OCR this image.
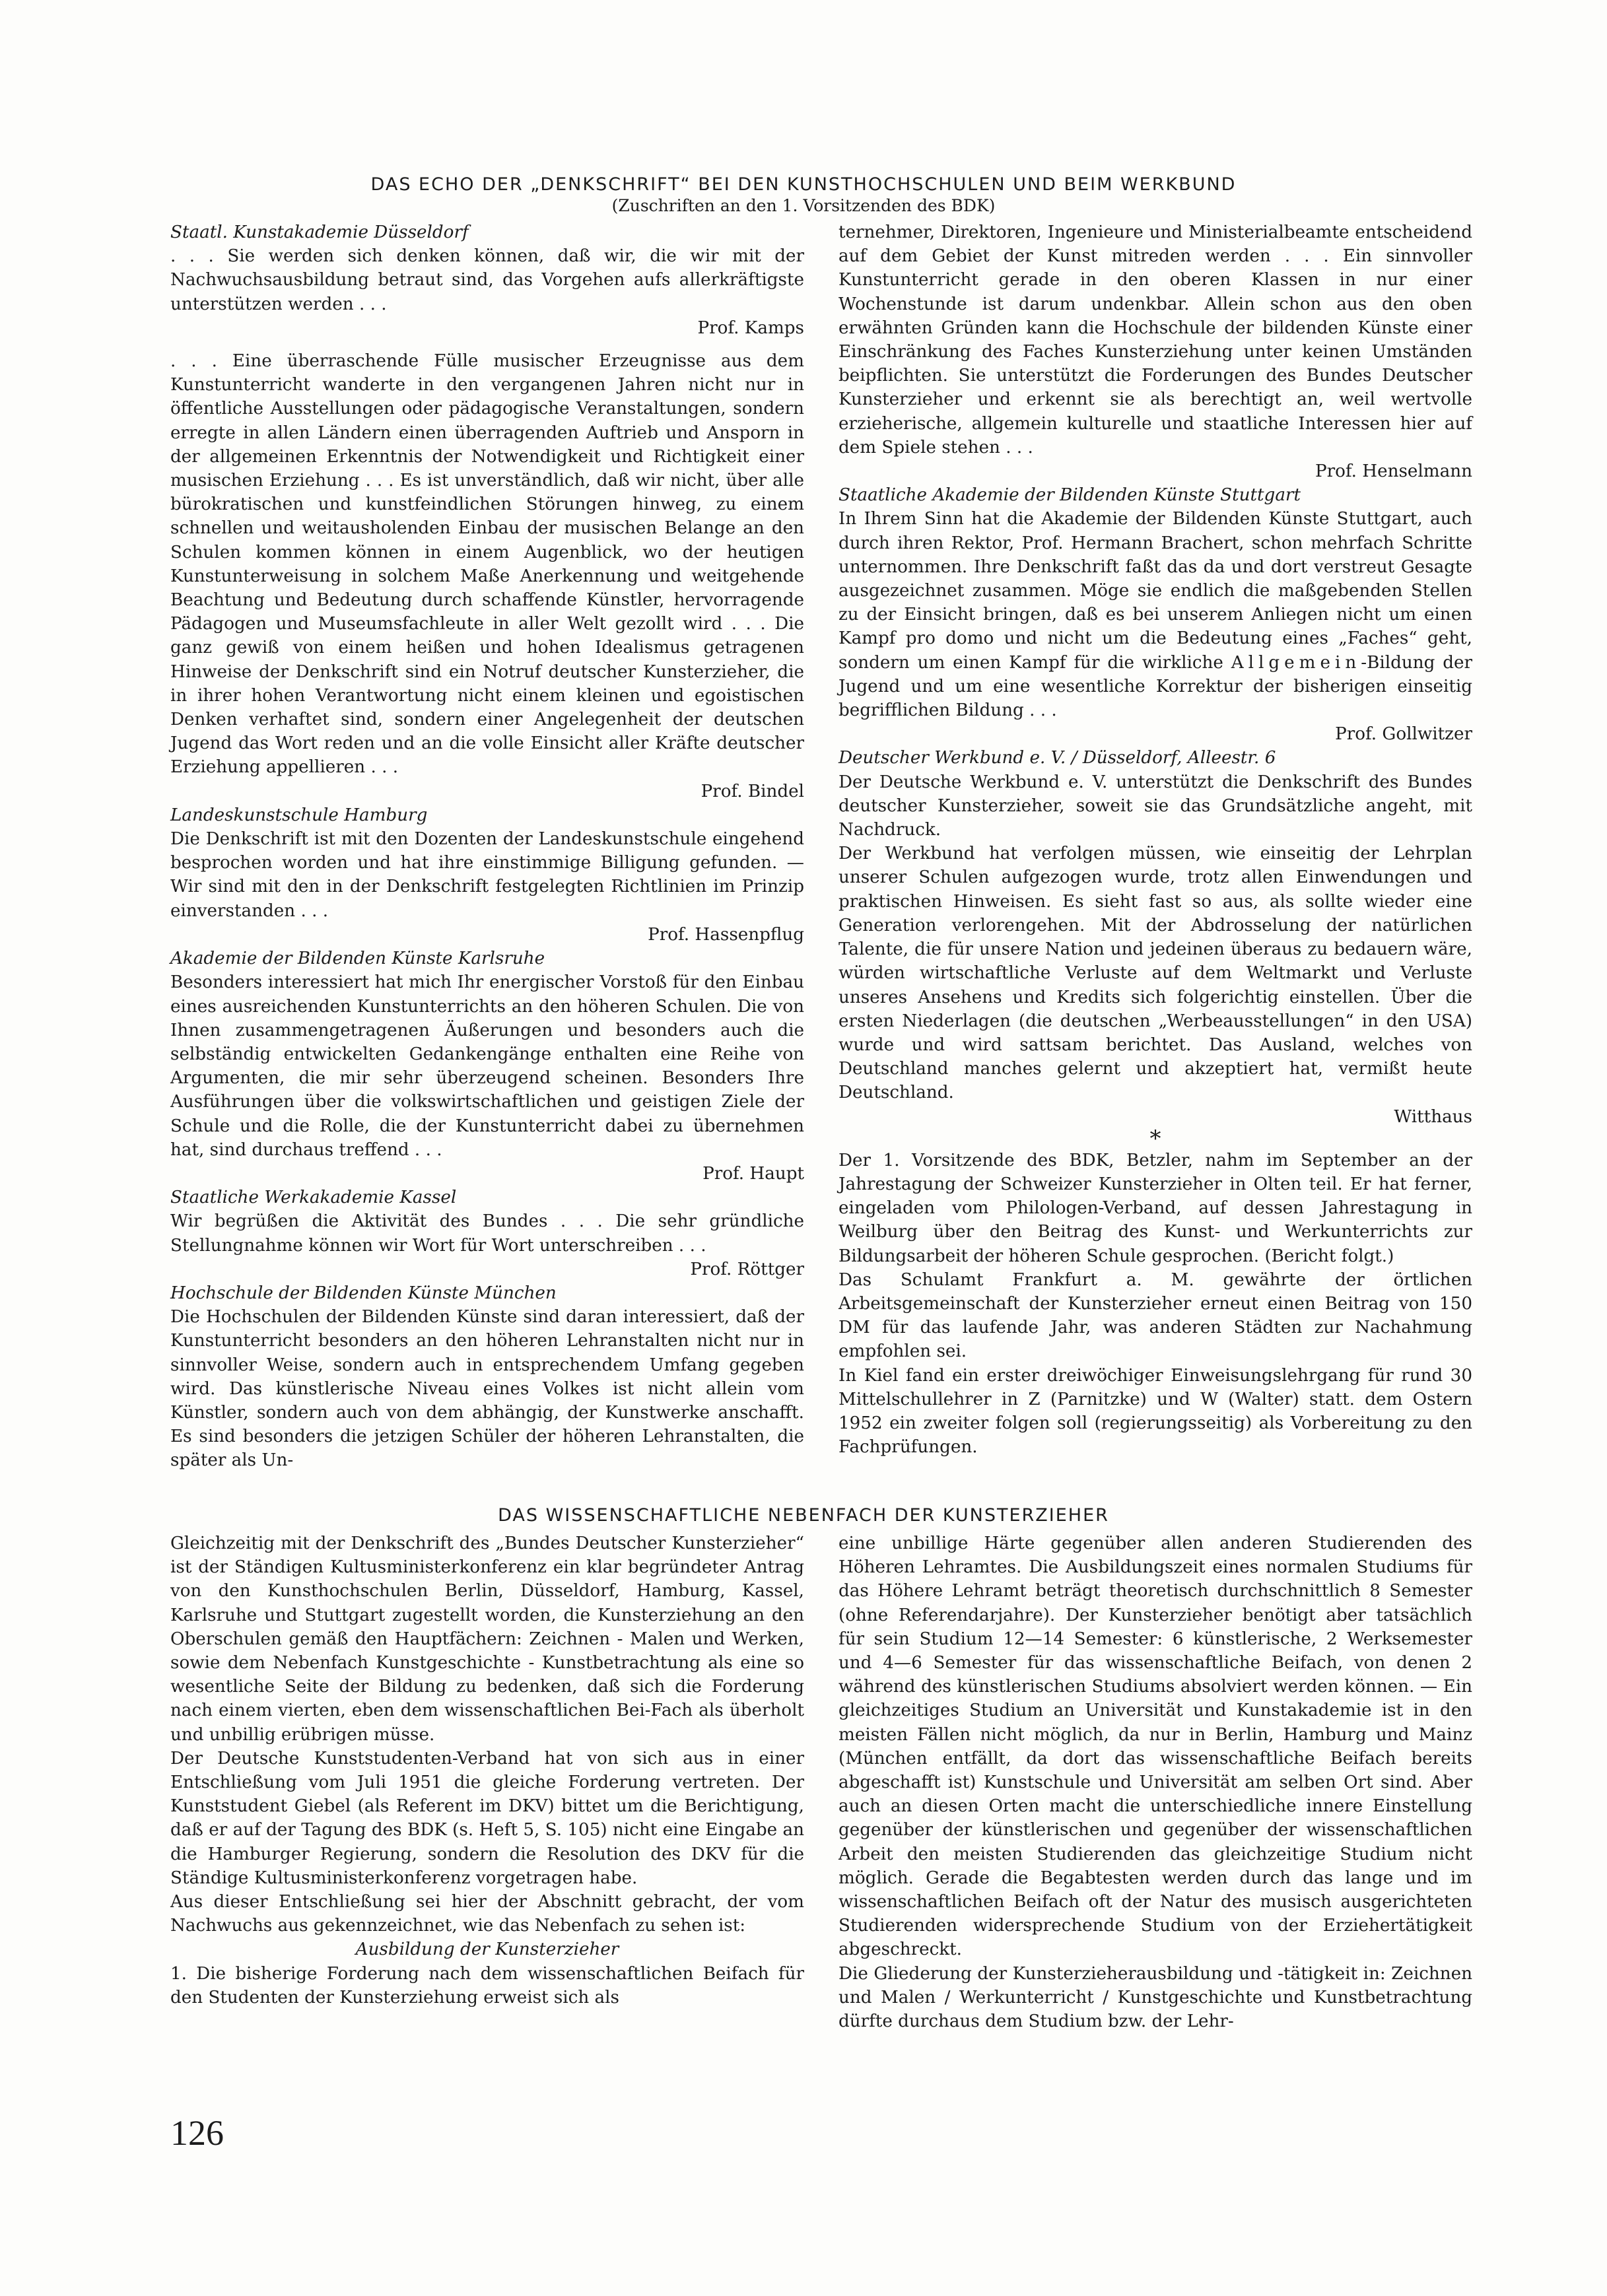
DAS ECHO DER „DENKSCHRIFT“ BEI DEN KUNSTHOCHSCHULEN UND BEIM WERKBUND
(Zuschriften an den 1. Vorsitzenden des BDK)

Staatl. Kunstakademie Düsseldorf

. . . Sie werden sich denken können, daß wir, die wir mit der Nachwuchsausbildung betraut sind, das Vorgehen aufs allerkräftigste unterstützen werden . . .

Prof. Kamps

. . . Eine überraschende Fülle musischer Erzeugnisse aus dem Kunstunterricht wanderte in den vergangenen Jahren nicht nur in öffentliche Ausstellungen oder pädagogische Veranstaltungen, sondern erregte in allen Ländern einen überragenden Auftrieb und Ansporn in der allgemeinen Erkenntnis der Notwendigkeit und Richtigkeit einer musischen Erziehung . . . Es ist unverständlich, daß wir nicht, über alle bürokratischen und kunstfeindlichen Störungen hinweg, zu einem schnellen und weitausholenden Einbau der musischen Belange an den Schulen kommen können in einem Augenblick, wo der heutigen Kunstunterweisung in solchem Maße Anerkennung und weitgehende Beachtung und Bedeutung durch schaffende Künstler, hervorragende Pädagogen und Museumsfachleute in aller Welt gezollt wird . . . Die ganz gewiß von einem heißen und hohen Idealismus getragenen Hinweise der Denkschrift sind ein Notruf deutscher Kunsterzieher, die in ihrer hohen Verantwortung nicht einem kleinen und egoistischen Denken verhaftet sind, sondern einer Angelegenheit der deutschen Jugend das Wort reden und an die volle Einsicht aller Kräfte deutscher Erziehung appellieren . . .

Prof. Bindel

Landeskunstschule Hamburg

Die Denkschrift ist mit den Dozenten der Landeskunstschule eingehend besprochen worden und hat ihre einstimmige Billigung gefunden. — Wir sind mit den in der Denkschrift festgelegten Richtlinien im Prinzip einverstanden . . .

Prof. Hassenpflug

Akademie der Bildenden Künste Karlsruhe

Besonders interessiert hat mich Ihr energischer Vorstoß für den Einbau eines ausreichenden Kunstunterrichts an den höheren Schulen. Die von Ihnen zusammengetragenen Äußerungen und besonders auch die selbständig entwickelten Gedankengänge enthalten eine Reihe von Argumenten, die mir sehr überzeugend scheinen. Besonders Ihre Ausführungen über die volkswirtschaftlichen und geistigen Ziele der Schule und die Rolle, die der Kunstunterricht dabei zu übernehmen hat, sind durchaus treffend . . .

Prof. Haupt

Staatliche Werkakademie Kassel

Wir begrüßen die Aktivität des Bundes . . . Die sehr gründliche Stellungnahme können wir Wort für Wort unterschreiben . . .

Prof. Röttger

Hochschule der Bildenden Künste München

Die Hochschulen der Bildenden Künste sind daran interessiert, daß der Kunstunterricht besonders an den höheren Lehranstalten nicht nur in sinnvoller Weise, sondern auch in entsprechendem Umfang gegeben wird. Das künstlerische Niveau eines Volkes ist nicht allein vom Künstler, sondern auch von dem abhängig, der Kunstwerke anschafft. Es sind besonders die jetzigen Schüler der höheren Lehranstalten, die später als Un-

ternehmer, Direktoren, Ingenieure und Ministerialbeamte entscheidend auf dem Gebiet der Kunst mitreden werden . . . Ein sinnvoller Kunstunterricht gerade in den oberen Klassen in nur einer Wochenstunde ist darum undenkbar. Allein schon aus den oben erwähnten Gründen kann die Hochschule der bildenden Künste einer Einschränkung des Faches Kunsterziehung unter keinen Umständen beipflichten. Sie unterstützt die Forderungen des Bundes Deutscher Kunsterzieher und erkennt sie als berechtigt an, weil wertvolle erzieherische, allgemein kulturelle und staatliche Interessen hier auf dem Spiele stehen . . .

Prof. Henselmann

Staatliche Akademie der Bildenden Künste Stuttgart

In Ihrem Sinn hat die Akademie der Bildenden Künste Stuttgart, auch durch ihren Rektor, Prof. Hermann Brachert, schon mehrfach Schritte unternommen. Ihre Denkschrift faßt das da und dort verstreut Gesagte ausgezeichnet zusammen. Möge sie endlich die maßgebenden Stellen zu der Einsicht bringen, daß es bei unserem Anliegen nicht um einen Kampf pro domo und nicht um die Bedeutung eines „Faches“ geht, sondern um einen Kampf für die wirkliche Allgemein-Bildung der Jugend und um eine wesentliche Korrektur der bisherigen einseitig begrifflichen Bildung . . .

Prof. Gollwitzer

Deutscher Werkbund e. V. / Düsseldorf, Alleestr. 6

Der Deutsche Werkbund e. V. unterstützt die Denkschrift des Bundes deutscher Kunsterzieher, soweit sie das Grundsätzliche angeht, mit Nachdruck.

Der Werkbund hat verfolgen müssen, wie einseitig der Lehrplan unserer Schulen aufgezogen wurde, trotz allen Einwendungen und praktischen Hinweisen. Es sieht fast so aus, als sollte wieder eine Generation verlorengehen. Mit der Abdrosselung der natürlichen Talente, die für unsere Nation und jedeinen überaus zu bedauern wäre, würden wirtschaftliche Verluste auf dem Weltmarkt und Verluste unseres Ansehens und Kredits sich folgerichtig einstellen. Über die ersten Niederlagen (die deutschen „Werbeausstellungen“ in den USA) wurde und wird sattsam berichtet. Das Ausland, welches von Deutschland manches gelernt und akzeptiert hat, vermißt heute Deutschland.

Witthaus

*

Der 1. Vorsitzende des BDK, Betzler, nahm im September an der Jahrestagung der Schweizer Kunsterzieher in Olten teil. Er hat ferner, eingeladen vom Philologen-Verband, auf dessen Jahrestagung in Weilburg über den Beitrag des Kunst- und Werkunterrichts zur Bildungsarbeit der höheren Schule gesprochen. (Bericht folgt.)

Das Schulamt Frankfurt a. M. gewährte der örtlichen Arbeitsgemeinschaft der Kunsterzieher erneut einen Beitrag von 150 DM für das laufende Jahr, was anderen Städten zur Nachahmung empfohlen sei.

In Kiel fand ein erster dreiwöchiger Einweisungslehrgang für rund 30 Mittelschullehrer in Z (Parnitzke) und W (Walter) statt. dem Ostern 1952 ein zweiter folgen soll (regierungsseitig) als Vorbereitung zu den Fachprüfungen.

DAS WISSENSCHAFTLICHE NEBENFACH DER KUNSTERZIEHER

Gleichzeitig mit der Denkschrift des „Bundes Deutscher Kunsterzieher“ ist der Ständigen Kultusministerkonferenz ein klar begründeter Antrag von den Kunsthochschulen Berlin, Düsseldorf, Hamburg, Kassel, Karlsruhe und Stuttgart zugestellt worden, die Kunsterziehung an den Oberschulen gemäß den Hauptfächern: Zeichnen - Malen und Werken, sowie dem Nebenfach Kunstgeschichte - Kunstbetrachtung als eine so wesentliche Seite der Bildung zu bedenken, daß sich die Forderung nach einem vierten, eben dem wissenschaftlichen Bei-Fach als überholt und unbillig erübrigen müsse.

Der Deutsche Kunststudenten-Verband hat von sich aus in einer Entschließung vom Juli 1951 die gleiche Forderung vertreten. Der Kunststudent Giebel (als Referent im DKV) bittet um die Berichtigung, daß er auf der Tagung des BDK (s. Heft 5, S. 105) nicht eine Eingabe an die Hamburger Regierung, sondern die Resolution des DKV für die Ständige Kultusministerkonferenz vorgetragen habe.

Aus dieser Entschließung sei hier der Abschnitt gebracht, der vom Nachwuchs aus gekennzeichnet, wie das Nebenfach zu sehen ist:

Ausbildung der Kunsterzieher

1. Die bisherige Forderung nach dem wissenschaftlichen Beifach für den Studenten der Kunsterziehung erweist sich als

eine unbillige Härte gegenüber allen anderen Studierenden des Höheren Lehramtes. Die Ausbildungszeit eines normalen Studiums für das Höhere Lehramt beträgt theoretisch durchschnittlich 8 Semester (ohne Referendarjahre). Der Kunsterzieher benötigt aber tatsächlich für sein Studium 12—14 Semester: 6 künstlerische, 2 Werksemester und 4—6 Semester für das wissenschaftliche Beifach, von denen 2 während des künstlerischen Studiums absolviert werden können. — Ein gleichzeitiges Studium an Universität und Kunstakademie ist in den meisten Fällen nicht möglich, da nur in Berlin, Hamburg und Mainz (München entfällt, da dort das wissenschaftliche Beifach bereits abgeschafft ist) Kunstschule und Universität am selben Ort sind. Aber auch an diesen Orten macht die unterschiedliche innere Einstellung gegenüber der künstlerischen und gegenüber der wissenschaftlichen Arbeit den meisten Studierenden das gleichzeitige Studium nicht möglich. Gerade die Begabtesten werden durch das lange und im wissenschaftlichen Beifach oft der Natur des musisch ausgerichteten Studierenden widersprechende Studium von der Erziehertätigkeit abgeschreckt.

Die Gliederung der Kunsterzieherausbildung und -tätigkeit in: Zeichnen und Malen / Werkunterricht / Kunstgeschichte und Kunstbetrachtung dürfte durchaus dem Studium bzw. der Lehr-

126
